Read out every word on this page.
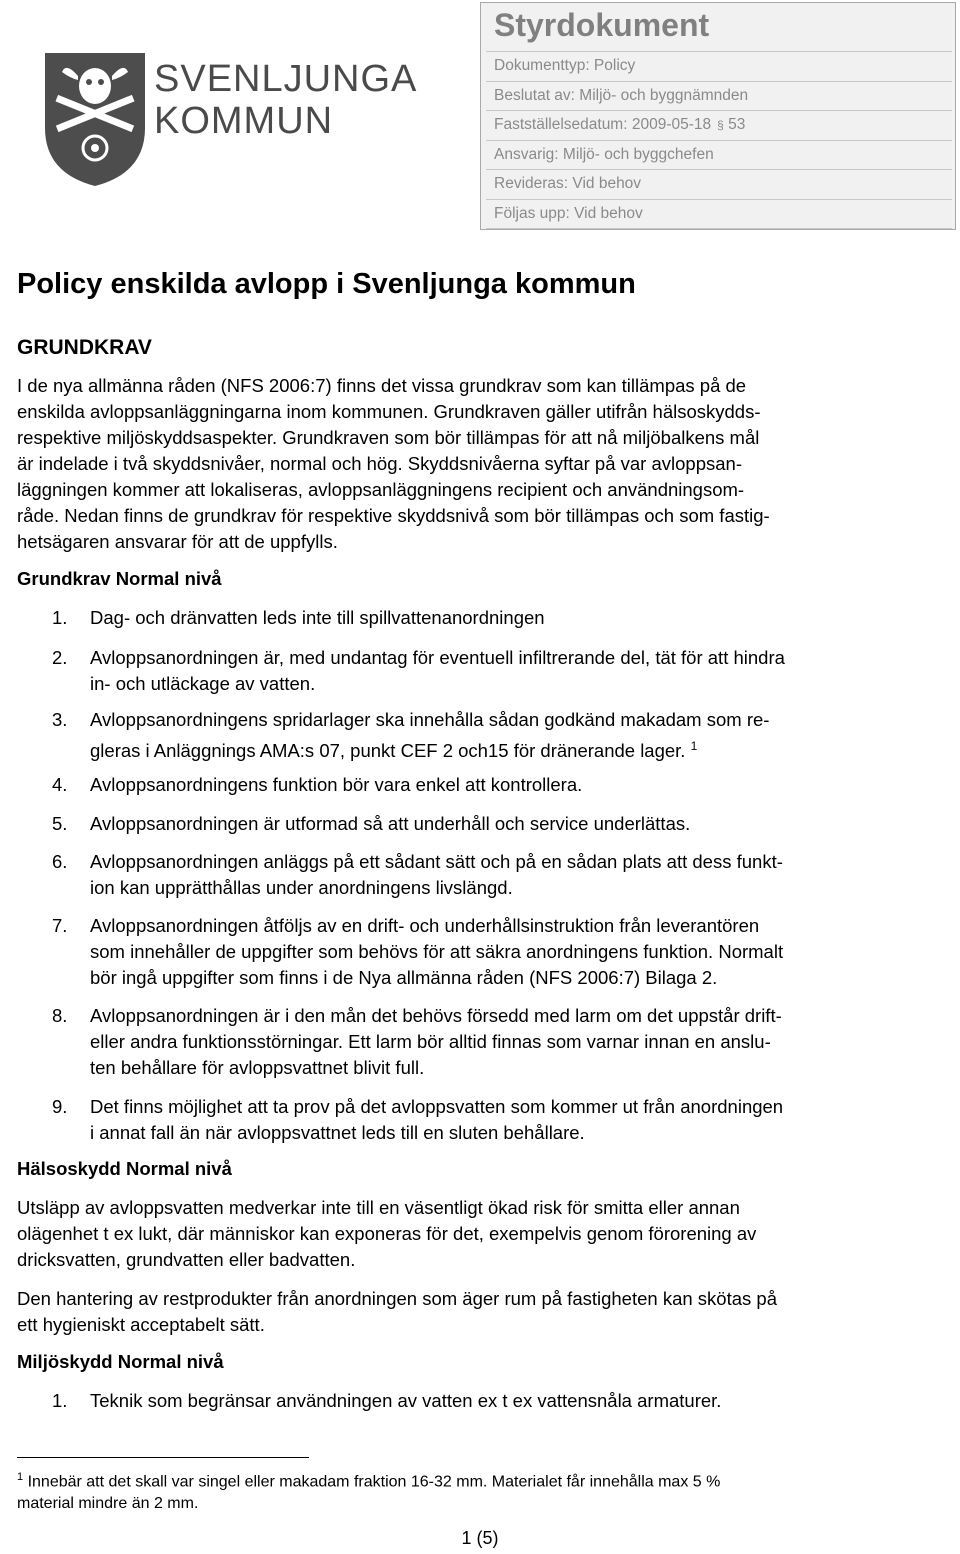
SVENLJUNGA
KOMMUN
Styrdokument
Dokumenttyp: Policy
Beslutat av: Miljö- och byggnämnden
Fastställelsedatum: 2009-05-18 § 53
Ansvarig: Miljö- och byggchefen
Revideras: Vid behov
Följas upp: Vid behov
Policy enskilda avlopp i Svenljunga kommun
GRUNDKRAV
I de nya allmänna råden (NFS 2006:7) finns det vissa grundkrav som kan tillämpas på de
enskilda avloppsanläggningarna inom kommunen. Grundkraven gäller utifrån hälsoskydds-
respektive miljöskyddsaspekter. Grundkraven som bör tillämpas för att nå miljöbalkens mål
är indelade i två skyddsnivåer, normal och hög. Skyddsnivåerna syftar på var avloppsan-
läggningen kommer att lokaliseras, avloppsanläggningens recipient och användningsom-
råde. Nedan finns de grundkrav för respektive skyddsnivå som bör tillämpas och som fastig-
hetsägaren ansvarar för att de uppfylls.
Grundkrav Normal nivå
1. Dag- och dränvatten leds inte till spillvattenanordningen
2. Avloppsanordningen är, med undantag för eventuell infiltrerande del, tät för att hindra
in- och utläckage av vatten.
3. Avloppsanordningens spridarlager ska innehålla sådan godkänd makadam som re-
gleras i Anläggnings AMA:s 07, punkt CEF 2 och15 för dränerande lager. $^1$
4. Avloppsanordningens funktion bör vara enkel att kontrollera.
5. Avloppsanordningen är utformad så att underhåll och service underlättas.
6. Avloppsanordningen anläggs på ett sådant sätt och på en sådan plats att dess funkt-
ion kan upprätthållas under anordningens livslängd.
7. Avloppsanordningen åtföljs av en drift- och underhållsinstruktion från leverantören
som innehåller de uppgifter som behövs för att säkra anordningens funktion. Normalt
bör ingå uppgifter som finns i de Nya allmänna råden (NFS 2006:7) Bilaga 2.
8. Avloppsanordningen är i den mån det behövs försedd med larm om det uppstår drift-
eller andra funktionsstörningar. Ett larm bör alltid finnas som varnar innan en anslu-
ten behållare för avloppsvattnet blivit full.
9. Det finns möjlighet att ta prov på det avloppsvatten som kommer ut från anordningen
i annat fall än när avloppsvattnet leds till en sluten behållare.
Hälsoskydd Normal nivå
Utsläpp av avloppsvatten medverkar inte till en väsentligt ökad risk för smitta eller annan
olägenhet t ex lukt, där människor kan exponeras för det, exempelvis genom förorening av
dricksvatten, grundvatten eller badvatten.
Den hantering av restprodukter från anordningen som äger rum på fastigheten kan skötas på
ett hygieniskt acceptabelt sätt.
Miljöskydd Normal nivå
1. Teknik som begränsar användningen av vatten ex t ex vattensnåla armaturer.
$^1$ Innebär att det skall var singel eller makadam fraktion 16-32 mm. Materialet får innehålla max 5 %
material mindre än 2 mm.
1 (5)
